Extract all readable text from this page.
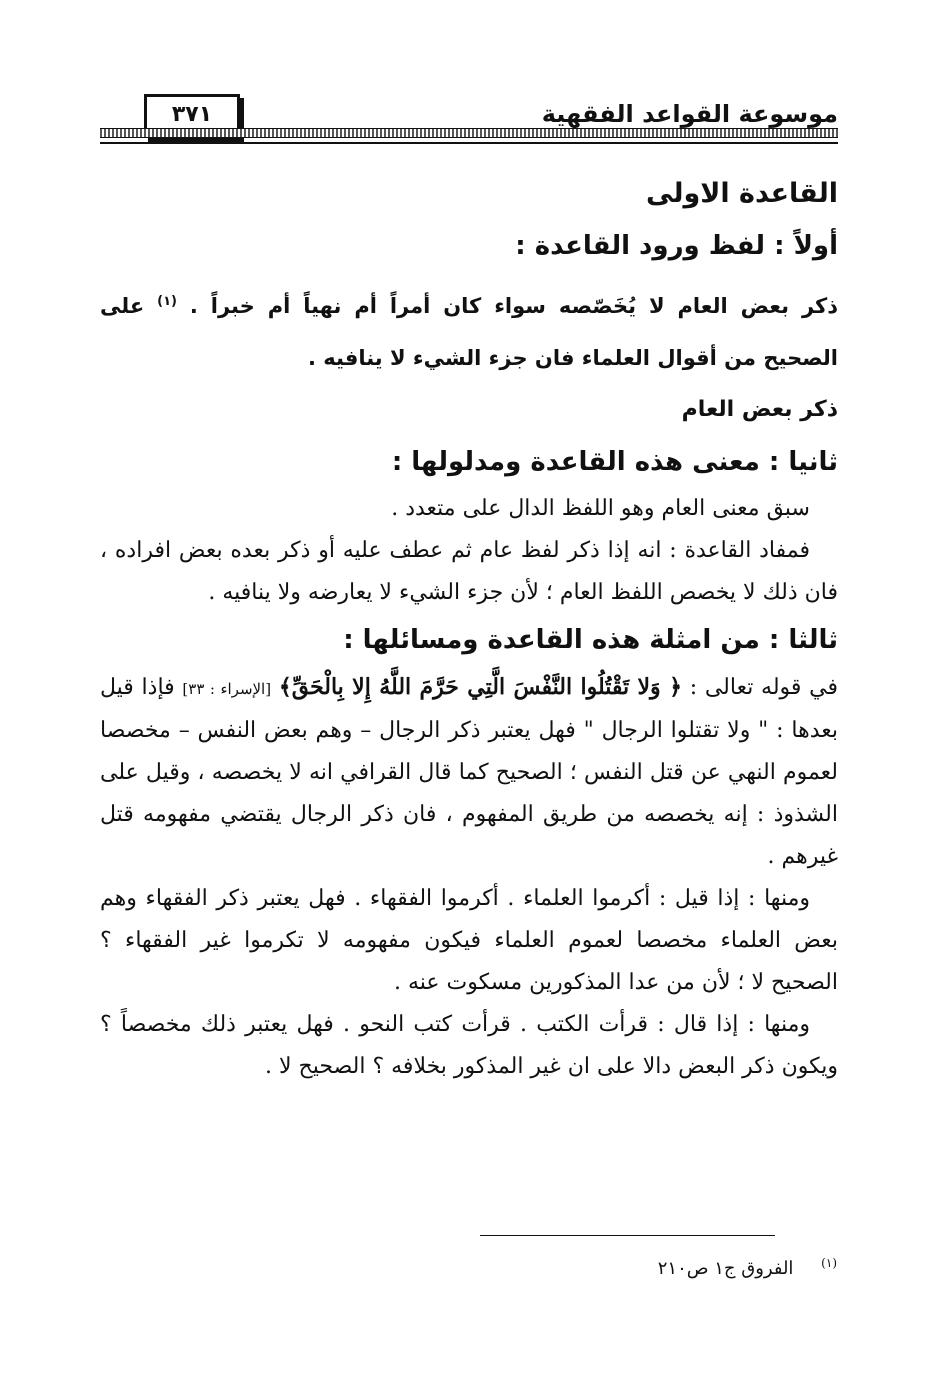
موسوعة القواعد الفقهية
٣٧١

القاعدة الاولى

أولاً : لفظ ورود القاعدة :

ذكر بعض العام لا يُخَصّصه سواء كان أمراً أم نهياً أم خبراً . $^{(١)}$ على الصحيح من أقوال العلماء فان جزء الشيء لا ينافيه .

ذكر بعض العام

ثانيا : معنى هذه القاعدة ومدلولها :

سبق معنى العام وهو اللفظ الدال على متعدد .

فمفاد القاعدة : انه إذا ذكر لفظ عام ثم عطف عليه أو ذكر بعده بعض افراده ، فان ذلك لا يخصص اللفظ العام ؛ لأن جزء الشيء لا يعارضه ولا ينافيه .

ثالثا : من امثلة هذه القاعدة ومسائلها :

في قوله تعالى : ﴿ وَلا تَقْتُلُوا النَّفْسَ الَّتِي حَرَّمَ اللَّهُ إِلا بِالْحَقِّ﴾ [الإسراء : ٣٣] فإذا قيل بعدها : " ولا تقتلوا الرجال " فهل يعتبر ذكر الرجال – وهم بعض النفس – مخصصا لعموم النهي عن قتل النفس ؛ الصحيح كما قال القرافي انه لا يخصصه ، وقيل على الشذوذ : إنه يخصصه من طريق المفهوم ، فان ذكر الرجال يقتضي مفهومه قتل غيرهم .

ومنها : إذا قيل : أكرموا العلماء . أكرموا الفقهاء . فهل يعتبر ذكر الفقهاء وهم بعض العلماء مخصصا لعموم العلماء فيكون مفهومه لا تكرموا غير الفقهاء ؟ الصحيح لا ؛ لأن من عدا المذكورين مسكوت عنه .

ومنها : إذا قال : قرأت الكتب . قرأت كتب النحو . فهل يعتبر ذلك مخصصاً ؟ ويكون ذكر البعض دالا على ان غير المذكور بخلافه ؟ الصحيح لا .

$^{(١)}$ الفروق ج١ ص٢١٠
